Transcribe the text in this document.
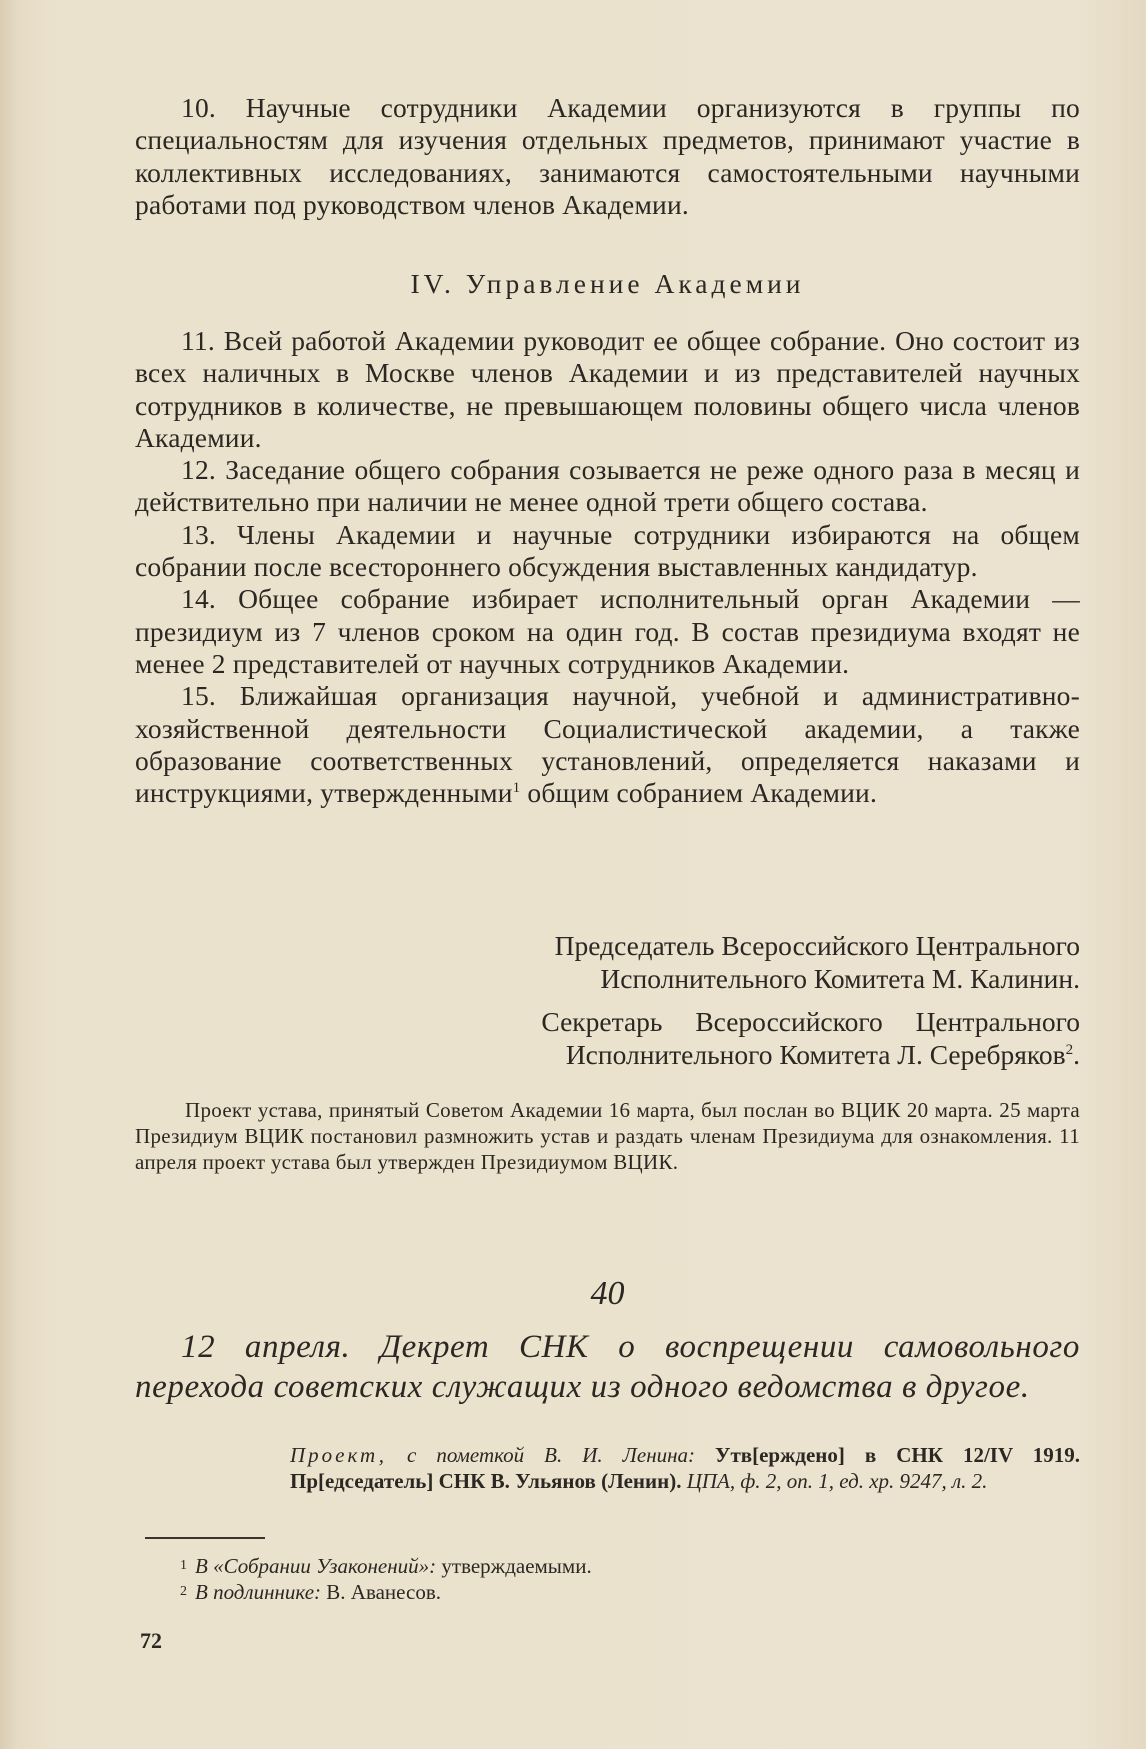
10. Научные сотрудники Академии организуются в группы по специальностям для изучения отдельных предметов, принимают участие в коллективных исследованиях, занимаются самостоятельными научными работами под руководством членов Академии.

IV. Управление Академии

11. Всей работой Академии руководит ее общее собрание. Оно состоит из всех наличных в Москве членов Академии и из представителей научных сотрудников в количестве, не превышающем половины общего числа членов Академии.

12. Заседание общего собрания созывается не реже одного раза в месяц и действительно при наличии не менее одной трети общего состава.

13. Члены Академии и научные сотрудники избираются на общем собрании после всестороннего обсуждения выставленных кандидатур.

14. Общее собрание избирает исполнительный орган Академии — президиум из 7 членов сроком на один год. В состав президиума входят не менее 2 представителей от научных сотрудников Академии.

15. Ближайшая организация научной, учебной и административно-хозяйственной деятельности Социалистической академии, а также образование соответственных установлений, определяется наказами и инструкциями, утвержденными$^1$ общим собранием Академии.

Председатель Всероссийского Центрального
Исполнительного Комитета М. Калинин.

Секретарь Всероссийского Центрального
Исполнительного Комитета Л. Серебряков$^2$.

Проект устава, принятый Советом Академии 16 марта, был послан во ВЦИК 20 марта. 25 марта Президиум ВЦИК постановил размножить устав и раздать членам Президиума для ознакомления. 11 апреля проект устава был утвержден Президиумом ВЦИК.

40

12 апреля. Декрет СНК о воспрещении самовольного перехода советских служащих из одного ведомства в другое.

Проект, с пометкой В. И. Ленина: Утв[ерждено] в СНК 12/IV 1919. Пр[едседатель] СНК В. Ульянов (Ленин). ЦПА, ф. 2, оп. 1, ед. хр. 9247, л. 2.

$^1$ В «Собрании Узаконений»: утверждаемыми.

$^2$ В подлиннике: В. Аванесов.

72
